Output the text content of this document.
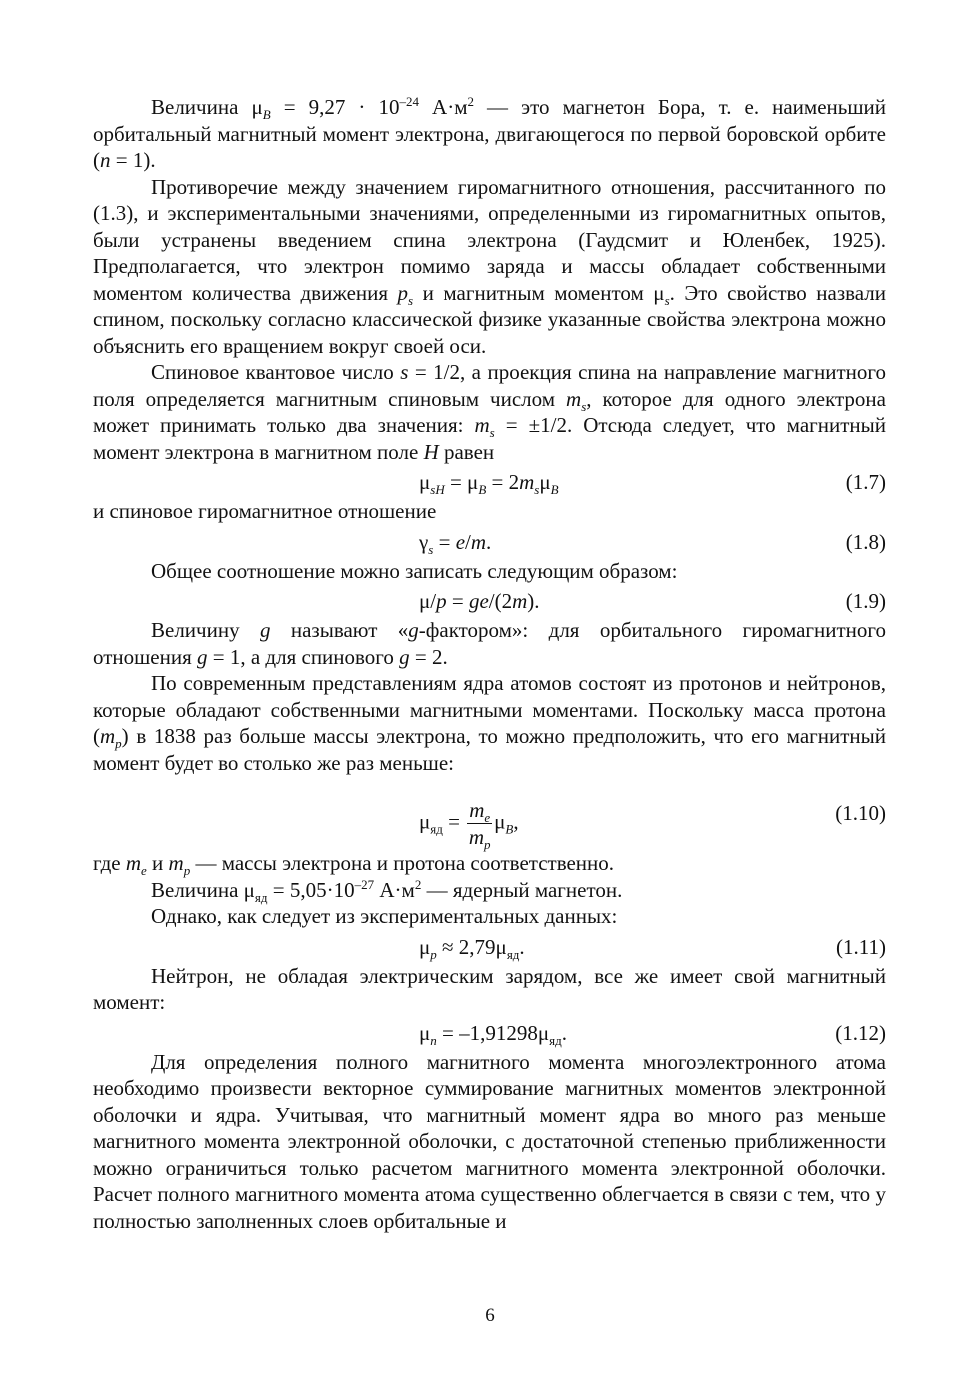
Величина $\mu_B = 9,27 \cdot 10^{-24}$ $А\cdot м^2$ — это магнетон Бора, т. е. наименьший орбитальный магнитный момент электрона, двигающегося по первой боровской орбите (n = 1).

Противоречие между значением гиромагнитного отношения, рассчитанного по (1.3), и экспериментальными значениями, определенными из гиромагнитных опытов, были устранены введением спина электрона (Гаудсмит и Юленбек, 1925). Предполагается, что электрон помимо заряда и массы обладает собственными моментом количества движения $p_s$ и магнитным моментом $\mu_s$. Это свойство назвали спином, поскольку согласно классической физике указанные свойства электрона можно объяснить его вращением вокруг своей оси.

Спиновое квантовое число s = 1/2, а проекция спина на направление магнитного поля определяется магнитным спиновым числом $m_s$, которое для одного электрона может принимать только два значения: $m_s = \pm 1/2$. Отсюда следует, что магнитный момент электрона в магнитном поле H равен

$\mu_{sH} = \mu_B = 2m_s\mu_B$	(1.7)

и спиновое гиромагнитное отношение

$\gamma_s = e/m$.	(1.8)

Общее соотношение можно записать следующим образом:

μ/p = ge/(2m).	(1.9)

Величину g называют «g-фактором»: для орбитального гиромагнитного отношения g = 1, а для спинового g = 2.

По современным представлениям ядра атомов состоят из протонов и нейтронов, которые обладают собственными магнитными моментами. Поскольку масса протона $(m_p)$ в 1838 раз больше массы электрона, то можно предположить, что его магнитный момент будет во столько же раз меньше:

$\mu_{яд} = \frac{m_e}{m_p} \mu_B$,	(1.10)

где $m_e$ и $m_p$ — массы электрона и протона соответственно.

Величина $\mu_{яд} = 5,05\cdot 10^{-27}$ $А\cdot м^2$ — ядерный магнетон.

Однако, как следует из экспериментальных данных:

$\mu_p \approx 2,79\mu_{яд}$.	(1.11)

Нейтрон, не обладая электрическим зарядом, все же имеет свой магнитный момент:

$\mu_n = -1,91298\mu_{яд}$.	(1.12)

Для определения полного магнитного момента многоэлектронного атома необходимо произвести векторное суммирование магнитных моментов электронной оболочки и ядра. Учитывая, что магнитный момент ядра во много раз меньше магнитного момента электронной оболочки, с достаточной степенью приближенности можно ограничиться только расчетом магнитного момента электронной оболочки. Расчет полного магнитного момента атома существенно облегчается в связи с тем, что у полностью заполненных слоев орбитальные и

6
